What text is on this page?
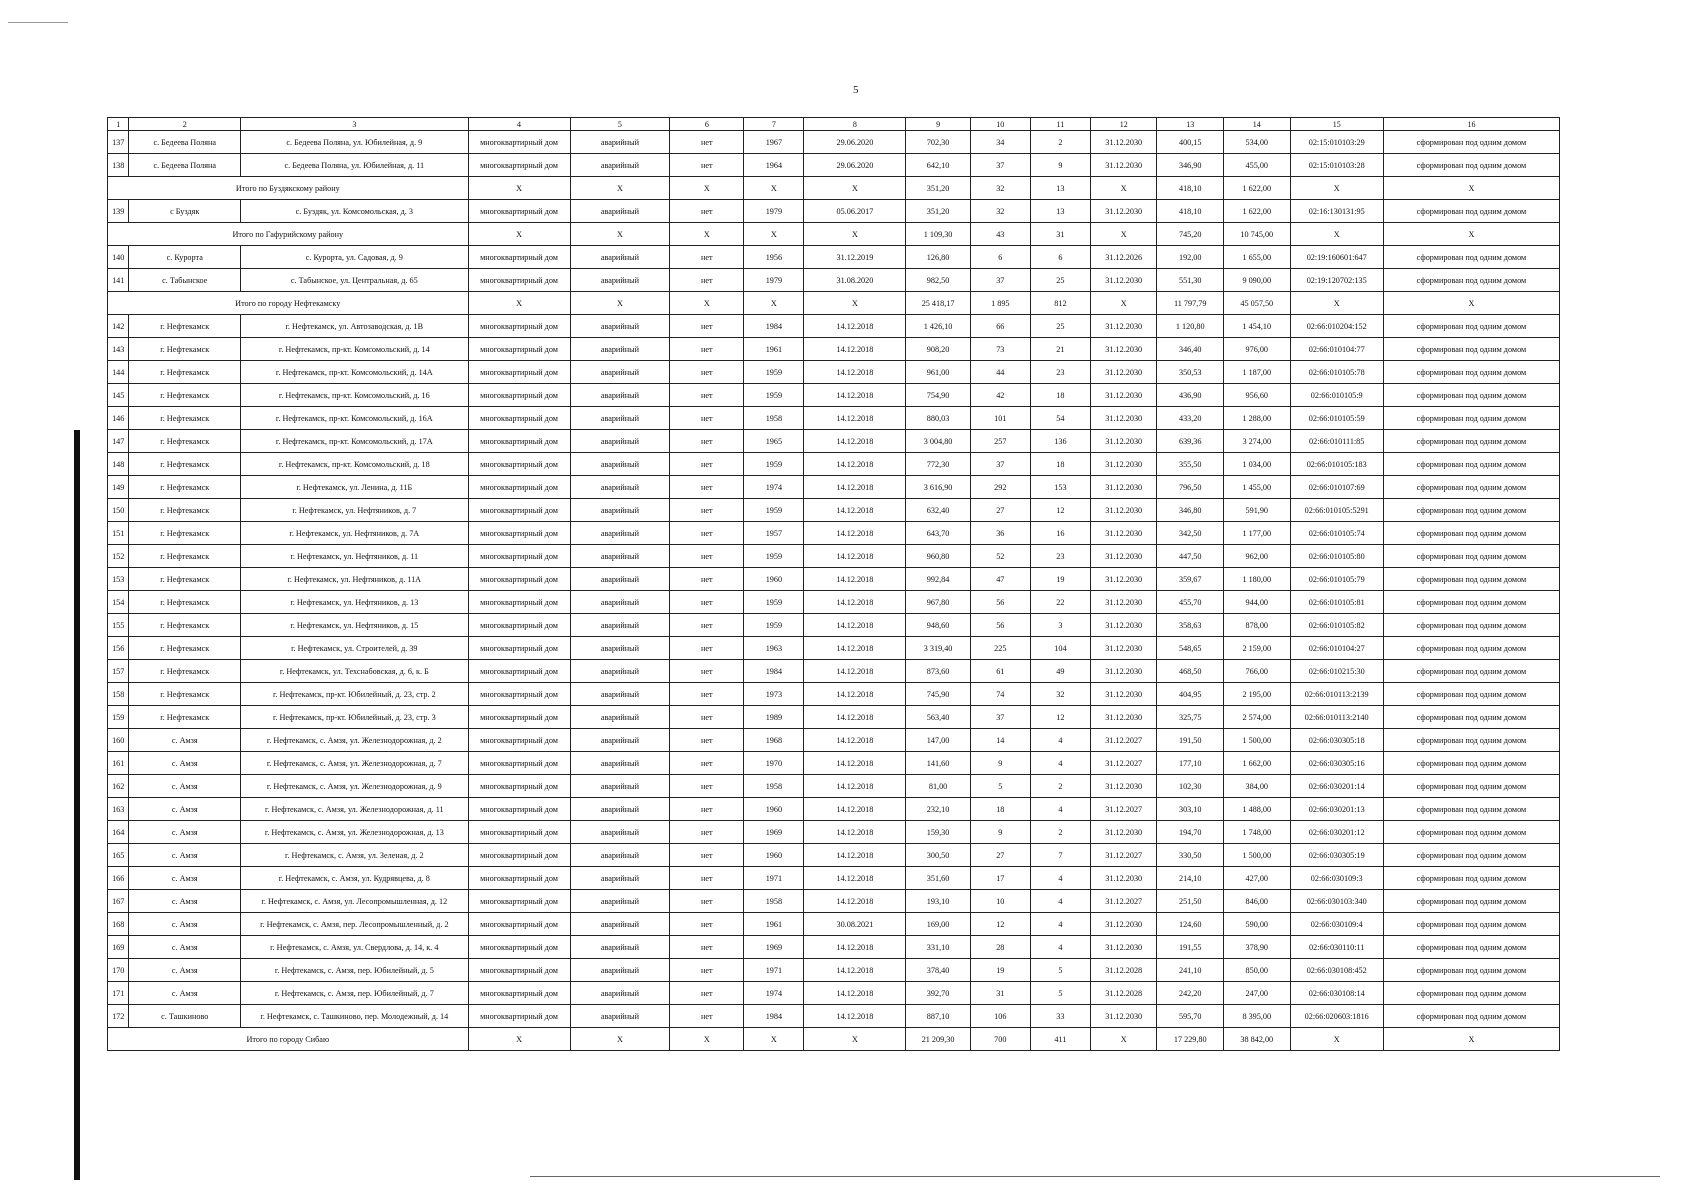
5
1	2	3	4	5	6	7	8	9	10	11	12	13	14	15	16
137	с. Бедеева Поляна	с. Бедеева Поляна, ул. Юбилейная, д. 9	многоквартирный дом	аварийный	нет	1967	29.06.2020	702,30	34	2	31.12.2030	400,15	534,00	02:15:010103:29	сформирован под одним домом
138	с. Бедеева Поляна	с. Бедеева Поляна, ул. Юбилейная, д. 11	многоквартирный дом	аварийный	нет	1964	29.06.2020	642,10	37	9	31.12.2030	346,90	455,00	02:15:010103:28	сформирован под одним домом
Итого по Буздякскому району			X	X	X	X	X	351,20	32	13	X	418,10	1 622,00	X	X
139	с Буздяк	с. Буздяк, ул. Комсомольская, д. 3	многоквартирный дом	аварийный	нет	1979	05.06.2017	351,20	32	13	31.12.2030	418,10	1 622,00	02:16:130131:95	сформирован под одним домом
Итого по Гафурийскому району			X	X	X	X	X	1 109,30	43	31	X	745,20	10 745,00	X	X
140	с. Курорта	с. Курорта, ул. Садовая, д. 9	многоквартирный дом	аварийный	нет	1956	31.12.2019	126,80	6	6	31.12.2026	192,00	1 655,00	02:19:160601:647	сформирован под одним домом
141	с. Табынское	с. Табынское, ул. Центральная, д. 65	многоквартирный дом	аварийный	нет	1979	31.08.2020	982,50	37	25	31.12.2030	551,30	9 090,00	02:19:120702:135	сформирован под одним домом
Итого по городу Нефтекамску			X	X	X	X	X	25 418,17	1 895	812	X	11 797,79	45 057,50	X	X
142	г. Нефтекамск	г. Нефтекамск, ул. Автозаводская, д. 1В	многоквартирный дом	аварийный	нет	1984	14.12.2018	1 426,10	66	25	31.12.2030	1 120,80	1 454,10	02:66:010204:152	сформирован под одним домом
143	г. Нефтекамск	г. Нефтекамск, пр-кт. Комсомольский, д. 14	многоквартирный дом	аварийный	нет	1961	14.12.2018	908,20	73	21	31.12.2030	346,40	976,00	02:66:010104:77	сформирован под одним домом
144	г. Нефтекамск	г. Нефтекамск, пр-кт. Комсомольский, д. 14А	многоквартирный дом	аварийный	нет	1959	14.12.2018	961,00	44	23	31.12.2030	350,53	1 187,00	02:66:010105:78	сформирован под одним домом
145	г. Нефтекамск	г. Нефтекамск, пр-кт. Комсомольский, д. 16	многоквартирный дом	аварийный	нет	1959	14.12.2018	754,90	42	18	31.12.2030	436,90	956,60	02:66:010105:9	сформирован под одним домом
146	г. Нефтекамск	г. Нефтекамск, пр-кт. Комсомольский, д. 16А	многоквартирный дом	аварийный	нет	1958	14.12.2018	880,03	101	54	31.12.2030	433,20	1 288,00	02:66:010105:59	сформирован под одним домом
147	г. Нефтекамск	г. Нефтекамск, пр-кт. Комсомольский, д. 17А	многоквартирный дом	аварийный	нет	1965	14.12.2018	3 004,80	257	136	31.12.2030	639,36	3 274,00	02:66:010111:85	сформирован под одним домом
148	г. Нефтекамск	г. Нефтекамск, пр-кт. Комсомольский, д. 18	многоквартирный дом	аварийный	нет	1959	14.12.2018	772,30	37	18	31.12.2030	355,50	1 034,00	02:66:010105:183	сформирован под одним домом
149	г. Нефтекамск	г. Нефтекамск, ул. Ленина, д. 11Б	многоквартирный дом	аварийный	нет	1974	14.12.2018	3 616,90	292	153	31.12.2030	796,50	1 455,00	02:66:010107:69	сформирован под одним домом
150	г. Нефтекамск	г. Нефтекамск, ул. Нефтяников, д. 7	многоквартирный дом	аварийный	нет	1959	14.12.2018	632,40	27	12	31.12.2030	346,80	591,90	02:66:010105:5291	сформирован под одним домом
151	г. Нефтекамск	г. Нефтекамск, ул. Нефтяников, д. 7А	многоквартирный дом	аварийный	нет	1957	14.12.2018	643,70	36	16	31.12.2030	342,50	1 177,00	02:66:010105:74	сформирован под одним домом
152	г. Нефтекамск	г. Нефтекамск, ул. Нефтяников, д. 11	многоквартирный дом	аварийный	нет	1959	14.12.2018	960,80	52	23	31.12.2030	447,50	962,00	02:66:010105:80	сформирован под одним домом
153	г. Нефтекамск	г. Нефтекамск, ул. Нефтяников, д. 11А	многоквартирный дом	аварийный	нет	1960	14.12.2018	992,84	47	19	31.12.2030	359,67	1 180,00	02:66:010105:79	сформирован под одним домом
154	г. Нефтекамск	г. Нефтекамск, ул. Нефтяников, д. 13	многоквартирный дом	аварийный	нет	1959	14.12.2018	967,80	56	22	31.12.2030	455,70	944,00	02:66:010105:81	сформирован под одним домом
155	г. Нефтекамск	г. Нефтекамск, ул. Нефтяников, д. 15	многоквартирный дом	аварийный	нет	1959	14.12.2018	948,60	56	3	31.12.2030	358,63	878,00	02:66:010105:82	сформирован под одним домом
156	г. Нефтекамск	г. Нефтекамск, ул. Строителей, д. 39	многоквартирный дом	аварийный	нет	1963	14.12.2018	3 319,40	225	104	31.12.2030	548,65	2 159,00	02:66:010104:27	сформирован под одним домом
157	г. Нефтекамск	г. Нефтекамск, ул. Техснабовская, д. 6, к. Б	многоквартирный дом	аварийный	нет	1984	14.12.2018	873,60	61	49	31.12.2030	468,50	766,00	02:66:010215:30	сформирован под одним домом
158	г. Нефтекамск	г. Нефтекамск, пр-кт. Юбилейный, д. 23, стр. 2	многоквартирный дом	аварийный	нет	1973	14.12.2018	745,90	74	32	31.12.2030	404,95	2 195,00	02:66:010113:2139	сформирован под одним домом
159	г. Нефтекамск	г. Нефтекамск, пр-кт. Юбилейный, д. 23, стр. 3	многоквартирный дом	аварийный	нет	1989	14.12.2018	563,40	37	12	31.12.2030	325,75	2 574,00	02:66:010113:2140	сформирован под одним домом
160	с. Амзя	г. Нефтекамск, с. Амзя, ул. Железнодорожная, д. 2	многоквартирный дом	аварийный	нет	1968	14.12.2018	147,00	14	4	31.12.2027	191,50	1 500,00	02:66:030305:18	сформирован под одним домом
161	с. Амзя	г. Нефтекамск, с. Амзя, ул. Железнодорожная, д. 7	многоквартирный дом	аварийный	нет	1970	14.12.2018	141,60	9	4	31.12.2027	177,10	1 662,00	02:66:030305:16	сформирован под одним домом
162	с. Амзя	г. Нефтекамск, с. Амзя, ул. Железнодорожная, д. 9	многоквартирный дом	аварийный	нет	1958	14.12.2018	81,00	5	2	31.12.2030	102,30	384,00	02:66:030201:14	сформирован под одним домом
163	с. Амзя	г. Нефтекамск, с. Амзя, ул. Железнодорожная, д. 11	многоквартирный дом	аварийный	нет	1960	14.12.2018	232,10	18	4	31.12.2027	303,10	1 488,00	02:66:030201:13	сформирован под одним домом
164	с. Амзя	г. Нефтекамск, с. Амзя, ул. Железнодорожная, д. 13	многоквартирный дом	аварийный	нет	1969	14.12.2018	159,30	9	2	31.12.2030	194,70	1 748,00	02:66:030201:12	сформирован под одним домом
165	с. Амзя	г. Нефтекамск, с. Амзя, ул. Зеленая, д. 2	многоквартирный дом	аварийный	нет	1960	14.12.2018	300,50	27	7	31.12.2027	330,50	1 500,00	02:66:030305:19	сформирован под одним домом
166	с. Амзя	г. Нефтекамск, с. Амзя, ул. Кудрявцева, д. 8	многоквартирный дом	аварийный	нет	1971	14.12.2018	351,60	17	4	31.12.2030	214,10	427,00	02:66:030109:3	сформирован под одним домом
167	с. Амзя	г. Нефтекамск, с. Амзя, ул. Лесопромышленная, д. 12	многоквартирный дом	аварийный	нет	1958	14.12.2018	193,10	10	4	31.12.2027	251,50	846,00	02:66:030103:340	сформирован под одним домом
168	с. Амзя	г. Нефтекамск, с. Амзя, пер. Лесопромышленный, д. 2	многоквартирный дом	аварийный	нет	1961	30.08.2021	169,00	12	4	31.12.2030	124,60	590,00	02:66:030109:4	сформирован под одним домом
169	с. Амзя	г. Нефтекамск, с. Амзя, ул. Свердлова, д. 14, к. 4	многоквартирный дом	аварийный	нет	1969	14.12.2018	331,10	28	4	31.12.2030	191,55	378,90	02:66:030110:11	сформирован под одним домом
170	с. Амзя	г. Нефтекамск, с. Амзя, пер. Юбилейный, д. 5	многоквартирный дом	аварийный	нет	1971	14.12.2018	378,40	19	5	31.12.2028	241,10	850,00	02:66:030108:452	сформирован под одним домом
171	с. Амзя	г. Нефтекамск, с. Амзя, пер. Юбилейный, д. 7	многоквартирный дом	аварийный	нет	1974	14.12.2018	392,70	31	5	31.12.2028	242,20	247,00	02:66:030108:14	сформирован под одним домом
172	с. Ташкиново	г. Нефтекамск, с. Ташкиново, пер. Молодежный, д. 14	многоквартирный дом	аварийный	нет	1984	14.12.2018	887,10	106	33	31.12.2030	595,70	8 395,00	02:66:020603:1816	сформирован под одним домом
Итого по городу Сибаю			X	X	X	X	X	21 209,30	700	411	X	17 229,80	38 842,00	X	X
